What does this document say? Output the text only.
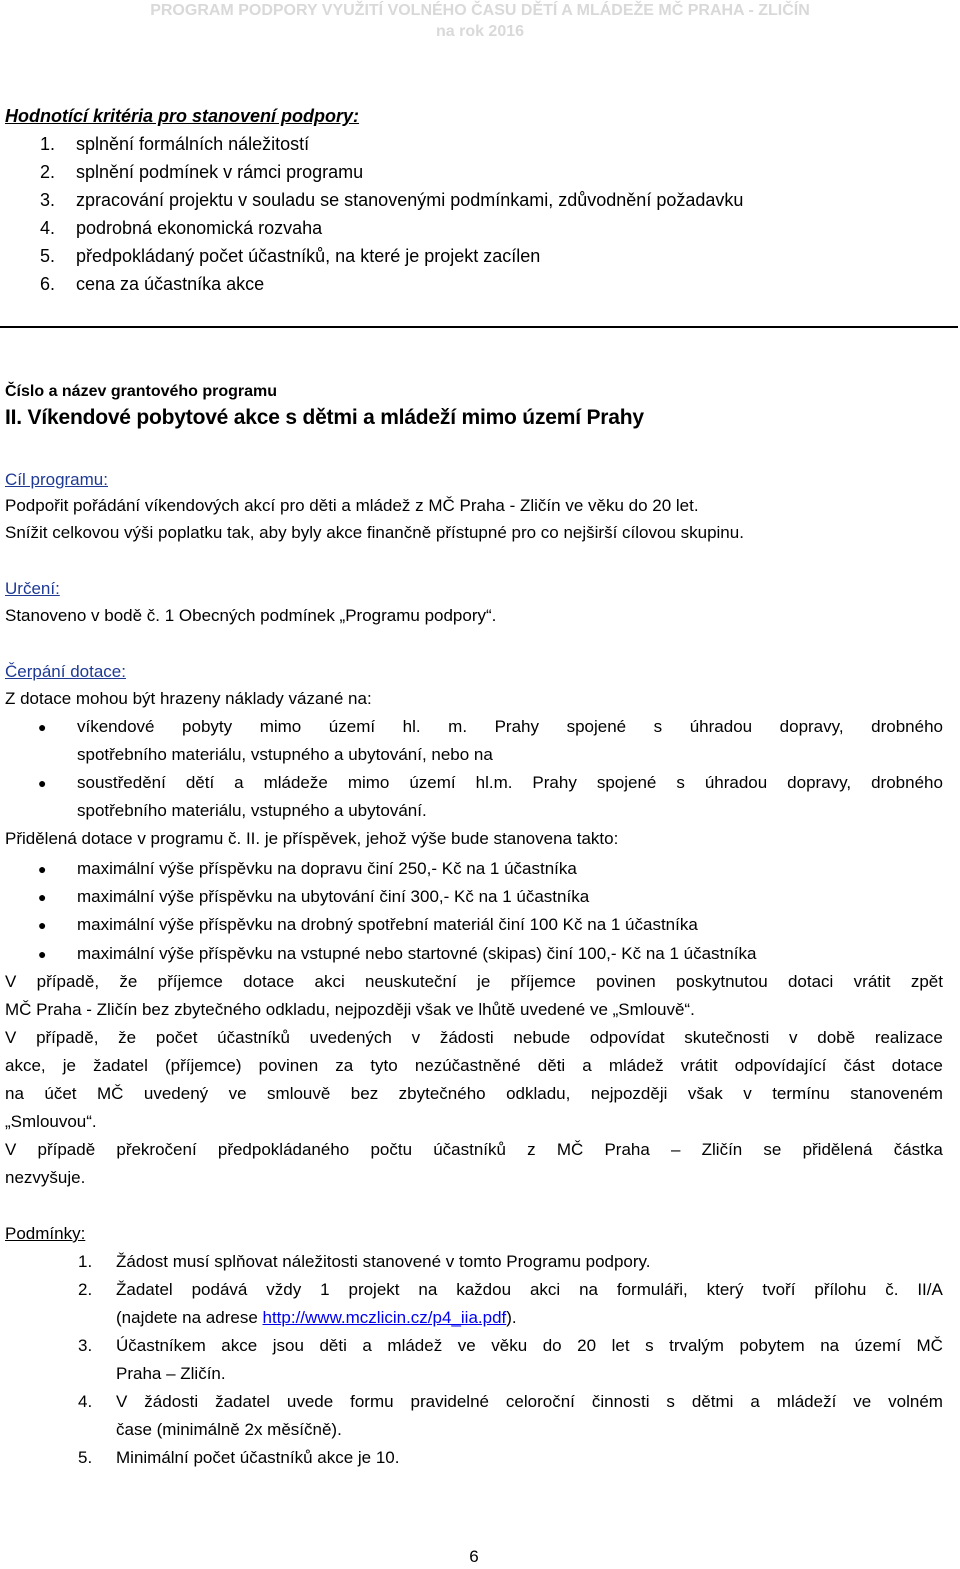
PROGRAM PODPORY VYUŽITÍ VOLNÉHO ČASU DĚTÍ A MLÁDEŽE MČ PRAHA - ZLIČÍN
na rok 2016
Hodnotící kritéria pro stanovení podpory:
1. splnění formálních náležitostí
2. splnění podmínek v rámci programu
3. zpracování projektu v souladu se stanovenými podmínkami, zdůvodnění požadavku
4. podrobná ekonomická rozvaha
5. předpokládaný počet účastníků, na které je projekt zacílen
6. cena za účastníka akce
Číslo a název grantového programu
II. Víkendové pobytové akce s dětmi a mládeží mimo území Prahy
Cíl programu:
Podpořit pořádání víkendových akcí pro děti a mládež z MČ Praha - Zličín ve věku do 20 let.
Snížit celkovou výši poplatku tak, aby byly akce finančně přístupné pro co nejširší cílovou skupinu.
Určení:
Stanoveno v bodě č. 1 Obecných podmínek „Programu podpory“.
Čerpání dotace:
Z dotace mohou být hrazeny náklady vázané na:
● víkendové pobyty mimo území hl. m. Prahy spojené s úhradou dopravy, drobného
spotřebního materiálu, vstupného a ubytování, nebo na
● soustředění dětí a mládeže mimo území hl.m. Prahy spojené s úhradou dopravy, drobného
spotřebního materiálu, vstupného a ubytování.
Přidělená dotace v programu č. II. je příspěvek, jehož výše bude stanovena takto:
● maximální výše příspěvku na dopravu činí 250,- Kč na 1 účastníka
● maximální výše příspěvku na ubytování činí 300,- Kč na 1 účastníka
● maximální výše příspěvku na drobný spotřební materiál činí 100 Kč na 1 účastníka
● maximální výše příspěvku na vstupné nebo startovné (skipas) činí 100,- Kč na 1 účastníka
V případě, že příjemce dotace akci neuskuteční je příjemce povinen poskytnutou dotaci vrátit zpět
MČ Praha - Zličín bez zbytečného odkladu, nejpozději však ve lhůtě uvedené ve „Smlouvě“.
V případě, že počet účastníků uvedených v žádosti nebude odpovídat skutečnosti v době realizace
akce, je žadatel (příjemce) povinen za tyto nezúčastněné děti a mládež vrátit odpovídající část dotace
na účet MČ uvedený ve smlouvě bez zbytečného odkladu, nejpozději však v termínu stanoveném
„Smlouvou“.
V případě překročení předpokládaného počtu účastníků z MČ Praha – Zličín se přidělená částka
nezvyšuje.
Podmínky:
1. Žádost musí splňovat náležitosti stanovené v tomto Programu podpory.
2. Žadatel podává vždy 1 projekt na každou akci na formuláři, který tvoří přílohu č. II/A
(najdete na adrese http://www.mczlicin.cz/p4_iia.pdf).
3. Účastníkem akce jsou děti a mládež ve věku do 20 let s trvalým pobytem na území MČ
Praha – Zličín.
4. V žádosti žadatel uvede formu pravidelné celoroční činnosti s dětmi a mládeží ve volném
čase (minimálně 2x měsíčně).
5. Minimální počet účastníků akce je 10.
6
